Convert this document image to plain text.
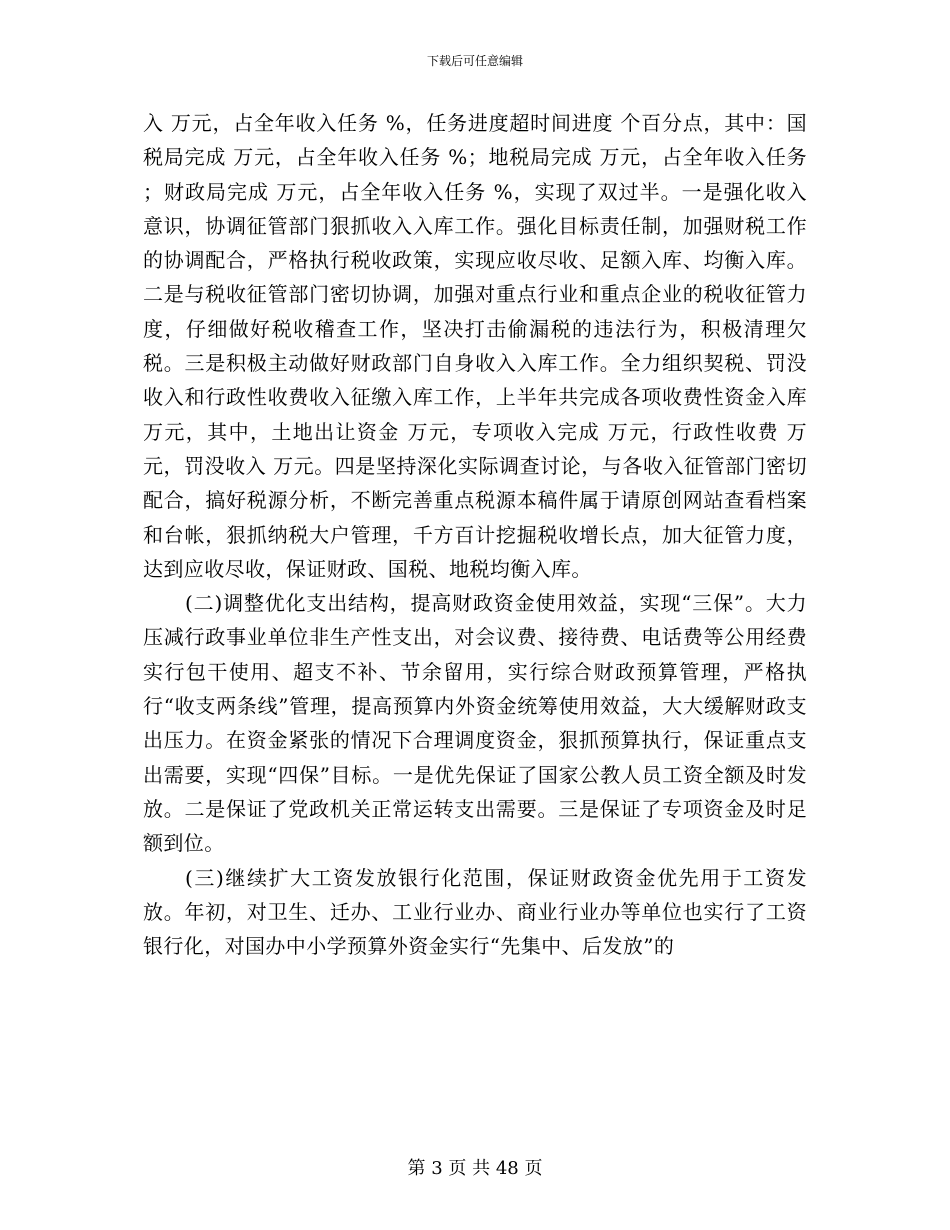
下载后可任意编辑

入 万元，占全年收入任务 %，任务进度超时间进度 个百分点，其中：国税局完成 万元，占全年收入任务 %；地税局完成 万元，占全年收入任务 ；财政局完成 万元，占全年收入任务 %，实现了双过半。一是强化收入意识，协调征管部门狠抓收入入库工作。强化目标责任制，加强财税工作的协调配合，严格执行税收政策，实现应收尽收、足额入库、均衡入库。二是与税收征管部门密切协调，加强对重点行业和重点企业的税收征管力度，仔细做好税收稽查工作，坚决打击偷漏税的违法行为，积极清理欠税。三是积极主动做好财政部门自身收入入库工作。全力组织契税、罚没收入和行政性收费收入征缴入库工作，上半年共完成各项收费性资金入库 万元，其中，土地出让资金 万元，专项收入完成 万元，行政性收费 万元，罚没收入 万元。四是坚持深化实际调查讨论，与各收入征管部门密切配合，搞好税源分析，不断完善重点税源本稿件属于请原创网站查看档案和台帐，狠抓纳税大户管理，千方百计挖掘税收增长点，加大征管力度，达到应收尽收，保证财政、国税、地税均衡入库。

(二)调整优化支出结构，提高财政资金使用效益，实现“三保”。大力压减行政事业单位非生产性支出，对会议费、接待费、电话费等公用经费实行包干使用、超支不补、节余留用，实行综合财政预算管理，严格执行“收支两条线”管理，提高预算内外资金统筹使用效益，大大缓解财政支出压力。在资金紧张的情况下合理调度资金，狠抓预算执行，保证重点支出需要，实现“四保”目标。一是优先保证了国家公教人员工资全额及时发放。二是保证了党政机关正常运转支出需要。三是保证了专项资金及时足额到位。

(三)继续扩大工资发放银行化范围，保证财政资金优先用于工资发放。年初，对卫生、迁办、工业行业办、商业行业办等单位也实行了工资银行化，对国办中小学预算外资金实行“先集中、后发放”的

第 3 页 共 48 页
